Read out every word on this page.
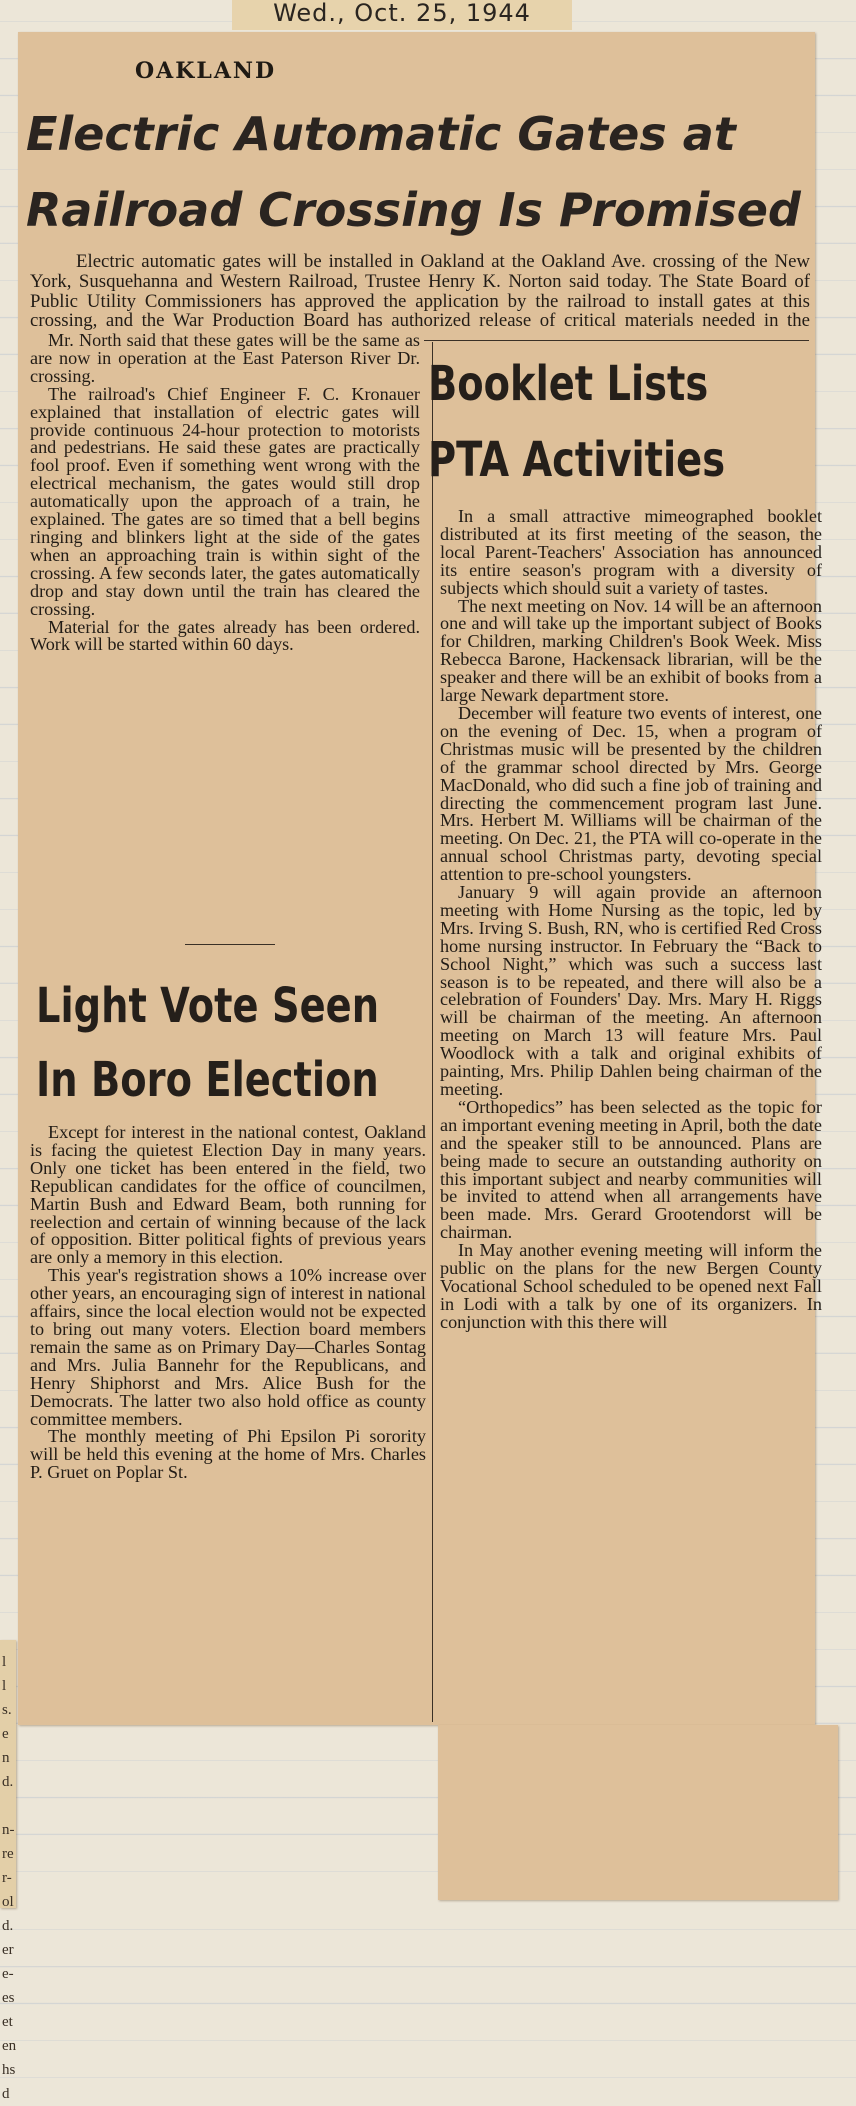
Wed., Oct. 25, 1944
l
l
s.
e
n
d.

n-
re
r-
ol
d.
er
e-
es
et
en
hs
d
OAKLAND
Electric Automatic Gates at
Railroad Crossing Is Promised

Electric automatic gates will be installed in Oakland at the Oakland Ave. crossing of the New York, Susquehanna and Western Railroad, Trustee Henry K. Norton said today. The State Board of Public Utility Commissioners has approved the application by the railroad to install gates at this crossing, and the War Production Board has authorized release of critical materials needed in the

Mr. North said that these gates will be the same as are now in operation at the East Paterson River Dr. crossing.

The railroad's Chief Engineer F. C. Kronauer explained that installation of electric gates will provide continuous 24-hour protection to motorists and pedestrians. He said these gates are practically fool proof. Even if something went wrong with the electrical mechanism, the gates would still drop automatically upon the approach of a train, he explained. The gates are so timed that a bell begins ringing and blinkers light at the side of the gates when an approaching train is within sight of the crossing. A few seconds later, the gates automatically drop and stay down until the train has cleared the crossing.

Material for the gates already has been ordered. Work will be started within 60 days.

Light Vote Seen
In Boro Election

Except for interest in the national contest, Oakland is facing the quietest Election Day in many years. Only one ticket has been entered in the field, two Republican candidates for the office of councilmen, Martin Bush and Edward Beam, both running for reelection and certain of winning because of the lack of opposition. Bitter political fights of previous years are only a memory in this election.

This year's registration shows a 10% increase over other years, an encouraging sign of interest in national affairs, since the local election would not be expected to bring out many voters. Election board members remain the same as on Primary Day—Charles Sontag and Mrs. Julia Bannehr for the Republicans, and Henry Shiphorst and Mrs. Alice Bush for the Democrats. The latter two also hold office as county committee members.

The monthly meeting of Phi Epsilon Pi sorority will be held this evening at the home of Mrs. Charles P. Gruet on Poplar St.

Booklet Lists
PTA Activities

In a small attractive mimeographed booklet distributed at its first meeting of the season, the local Parent-Teachers' Association has announced its entire season's program with a diversity of subjects which should suit a variety of tastes.

The next meeting on Nov. 14 will be an afternoon one and will take up the important subject of Books for Children, marking Children's Book Week. Miss Rebecca Barone, Hackensack librarian, will be the speaker and there will be an exhibit of books from a large Newark department store.

December will feature two events of interest, one on the evening of Dec. 15, when a program of Christmas music will be presented by the children of the grammar school directed by Mrs. George MacDonald, who did such a fine job of training and directing the commencement program last June. Mrs. Herbert M. Williams will be chairman of the meeting. On Dec. 21, the PTA will co-operate in the annual school Christmas party, devoting special attention to pre-school youngsters.

January 9 will again provide an afternoon meeting with Home Nursing as the topic, led by Mrs. Irving S. Bush, RN, who is certified Red Cross home nursing instructor. In February the “Back to School Night,” which was such a success last season is to be repeated, and there will also be a celebration of Founders' Day. Mrs. Mary H. Riggs will be chairman of the meeting. An afternoon meeting on March 13 will feature Mrs. Paul Woodlock with a talk and original exhibits of painting, Mrs. Philip Dahlen being chairman of the meeting.

“Orthopedics” has been selected as the topic for an important evening meeting in April, both the date and the speaker still to be announced. Plans are being made to secure an outstanding authority on this important subject and nearby communities will be invited to attend when all arrangements have been made. Mrs. Gerard Grootendorst will be chairman.

In May another evening meeting will inform the public on the plans for the new Bergen County Vocational School scheduled to be opened next Fall in Lodi with a talk by one of its organizers. In conjunction with this there will
